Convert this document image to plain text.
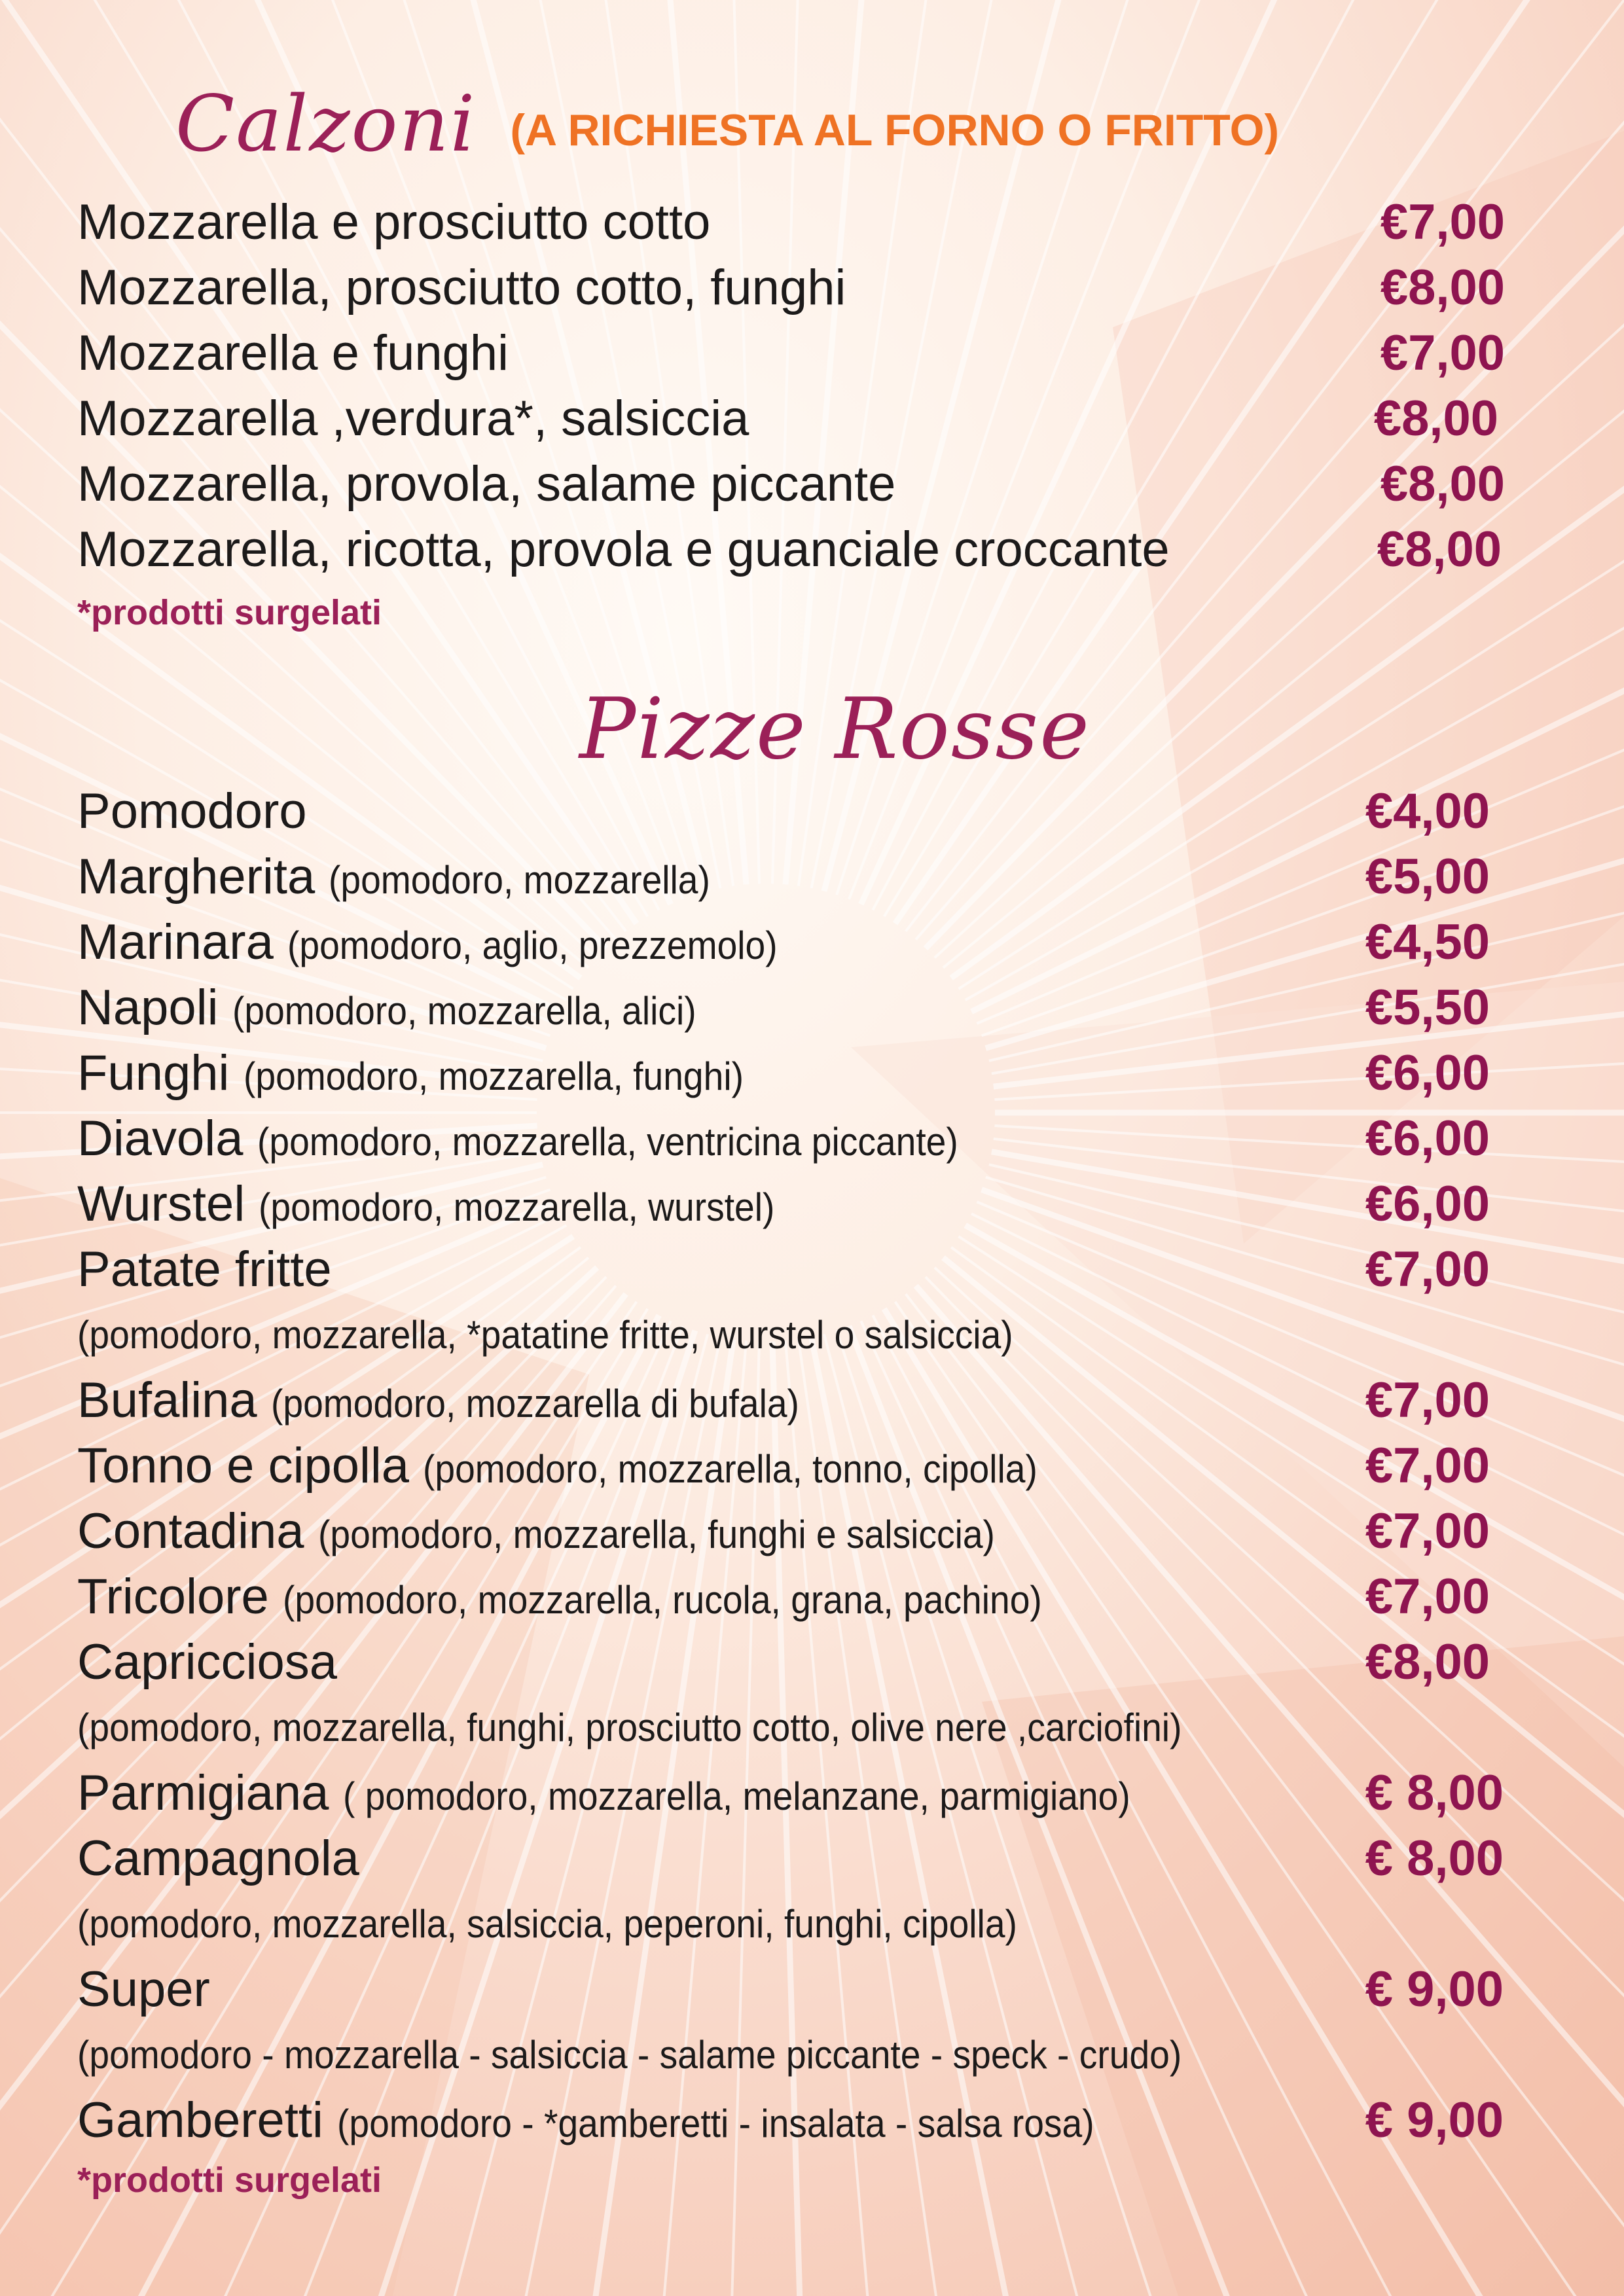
Calzoni (A RICHIESTA AL FORNO O FRITTO)
Mozzarella e prosciutto cotto	€7,00
Mozzarella, prosciutto cotto, funghi	€8,00
Mozzarella e funghi	€7,00
Mozzarella ,verdura*, salsiccia	€8,00
Mozzarella, provola, salame piccante	€8,00
Mozzarella, ricotta, provola e guanciale croccante	€8,00
*prodotti surgelati
Pizze Rosse
Pomodoro	€4,00
Margherita (pomodoro, mozzarella)	€5,00
Marinara (pomodoro, aglio, prezzemolo)	€4,50
Napoli (pomodoro, mozzarella, alici)	€5,50
Funghi (pomodoro, mozzarella, funghi)	€6,00
Diavola (pomodoro, mozzarella, ventricina piccante)	€6,00
Wurstel (pomodoro, mozzarella, wurstel)	€6,00
Patate fritte	€7,00
(pomodoro, mozzarella, *patatine fritte, wurstel o salsiccia)
Bufalina (pomodoro, mozzarella di bufala)	€7,00
Tonno e cipolla (pomodoro, mozzarella, tonno, cipolla)	€7,00
Contadina (pomodoro, mozzarella, funghi e salsiccia)	€7,00
Tricolore (pomodoro, mozzarella, rucola, grana, pachino)	€7,00
Capricciosa	€8,00
(pomodoro, mozzarella, funghi, prosciutto cotto, olive nere ,carciofini)
Parmigiana ( pomodoro, mozzarella, melanzane, parmigiano)	€ 8,00
Campagnola	€ 8,00
(pomodoro, mozzarella, salsiccia, peperoni, funghi, cipolla)
Super	€ 9,00
(pomodoro - mozzarella - salsiccia - salame piccante - speck - crudo)
Gamberetti (pomodoro - *gamberetti - insalata - salsa rosa)	€ 9,00
*prodotti surgelati
